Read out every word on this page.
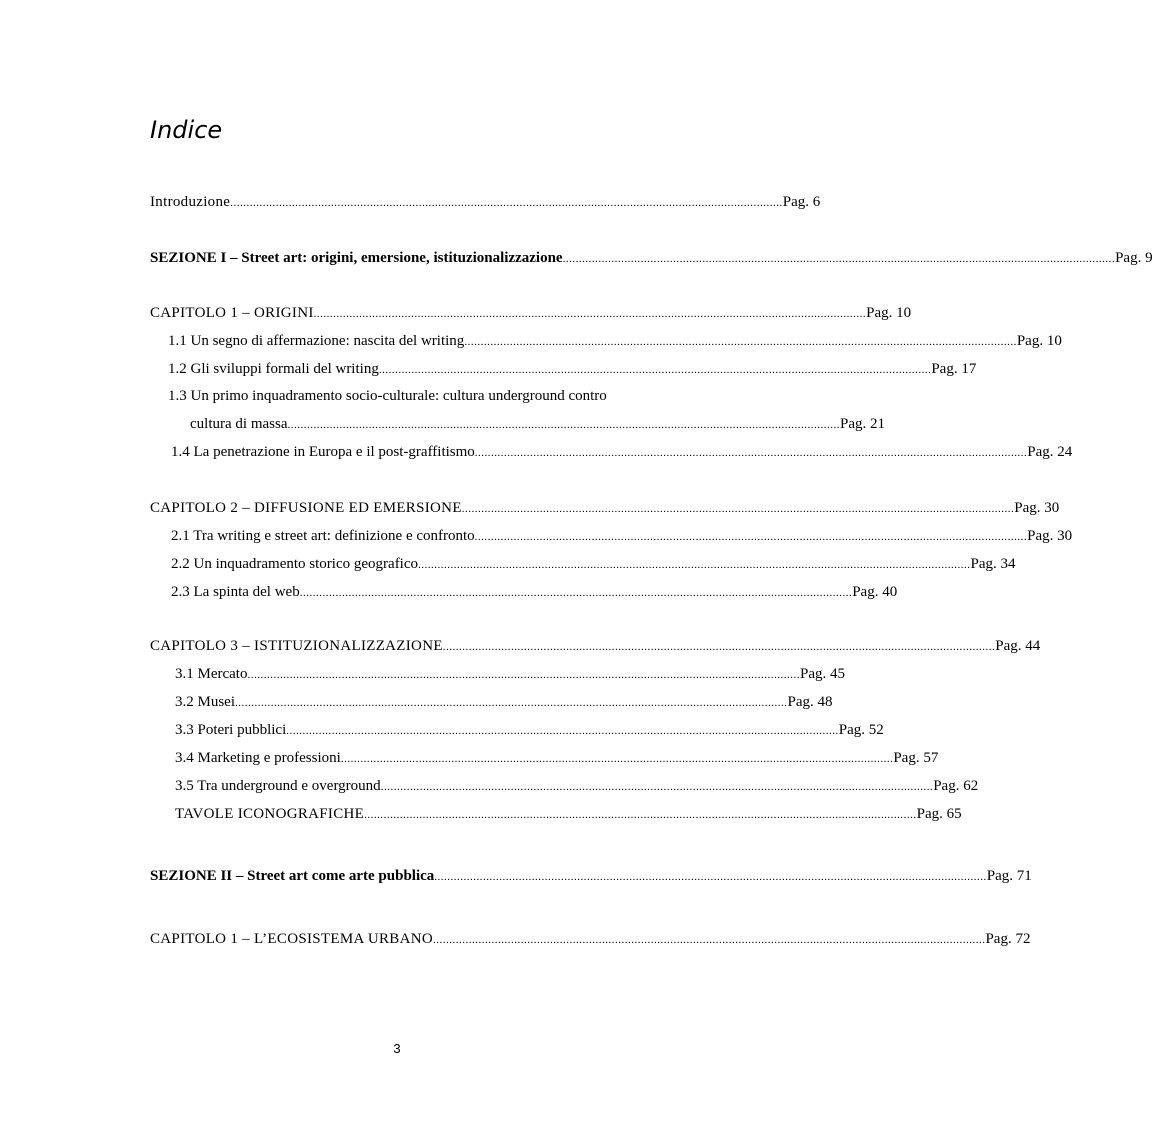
Indice
Introduzione .......................................................................................................................................................................... Pag. 6
SEZIONE I – Street art: origini, emersione, istituzionalizzazione .......................................................................................................................................................................... Pag. 9
CAPITOLO 1 – ORIGINI .......................................................................................................................................................................... Pag. 10
1.1 Un segno di affermazione: nascita del writing .......................................................................................................................................................................... Pag. 10
1.2 Gli sviluppi formali del writing .......................................................................................................................................................................... Pag. 17
1.3 Un primo inquadramento socio-culturale: cultura underground contro
cultura di massa .......................................................................................................................................................................... Pag. 21
1.4 La penetrazione in Europa e il post-graffitismo .......................................................................................................................................................................... Pag. 24
CAPITOLO 2 – DIFFUSIONE ED EMERSIONE .......................................................................................................................................................................... Pag. 30
2.1 Tra writing e street art: definizione e confronto .......................................................................................................................................................................... Pag. 30
2.2 Un inquadramento storico geografico .......................................................................................................................................................................... Pag. 34
2.3 La spinta del web .......................................................................................................................................................................... Pag. 40
CAPITOLO 3 – ISTITUZIONALIZZAZIONE .......................................................................................................................................................................... Pag. 44
3.1 Mercato .......................................................................................................................................................................... Pag. 45
3.2 Musei .......................................................................................................................................................................... Pag. 48
3.3 Poteri pubblici .......................................................................................................................................................................... Pag. 52
3.4 Marketing e professioni .......................................................................................................................................................................... Pag. 57
3.5 Tra underground e overground .......................................................................................................................................................................... Pag. 62
TAVOLE ICONOGRAFICHE .......................................................................................................................................................................... Pag. 65
SEZIONE II – Street art come arte pubblica .......................................................................................................................................................................... Pag. 71
CAPITOLO 1 – L’ECOSISTEMA URBANO .......................................................................................................................................................................... Pag. 72
3
